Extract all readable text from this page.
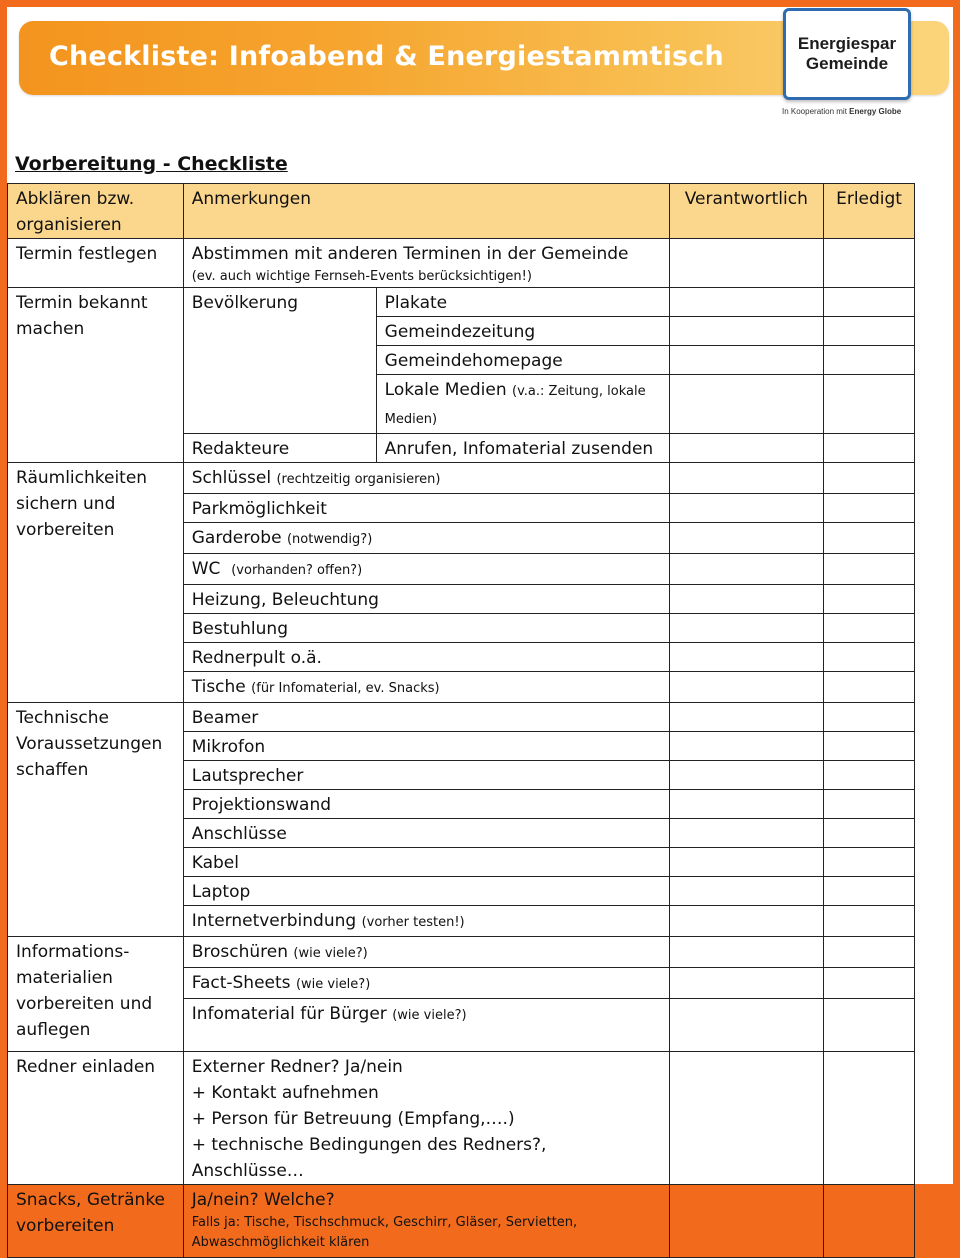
Checkliste: Infoabend & Energiestammtisch	Energiespar
Gemeinde
In Kooperation mit Energy Globe
Vorbereitung - Checkliste
Abklären bzw. organisieren	Anmerkungen		Verantwortlich	Erledigt
Termin festlegen	Abstimmen mit anderen Terminen in der Gemeinde
(ev. auch wichtige Fernseh-Events berücksichtigen!)			

Termin bekannt machen	Bevölkerung	Plakate		
		Gemeindezeitung		
		Gemeindehomepage		
		Lokale Medien (v.a.: Zeitung, lokale Medien)		
	Redakteure	Anrufen, Infomaterial zusenden		
Räumlichkeiten sichern und vorbereiten	Schlüssel (rechtzeitig organisieren)			
	Parkmöglichkeit			
	Garderobe (notwendig?)			
	WC (vorhanden? offen?)			
	Heizung, Beleuchtung			
	Bestuhlung			
	Rednerpult o.ä.			
	Tische (für Infomaterial, ev. Snacks)			
Technische Voraussetzungen schaffen	Beamer			
	Mikrofon			
	Lautsprecher			
	Projektionswand			
	Anschlüsse			
	Kabel			
	Laptop			
	Internetverbindung (vorher testen!)			
Informations-materialien vorbereiten und auflegen	Broschüren (wie viele?)			
	Fact-Sheets (wie viele?)			
	Infomaterial für Bürger (wie viele?)			
Redner einladen	Externer Redner? Ja/nein
+ Kontakt aufnehmen
+ Person für Betreuung (Empfang,….)
+ technische Bedingungen des Redners?, Anschlüsse…			

Snacks, Getränke vorbereiten	Ja/nein? Welche?
Falls ja: Tische, Tischschmuck, Geschirr, Gläser, Servietten, Abwaschmöglichkeit klären			
